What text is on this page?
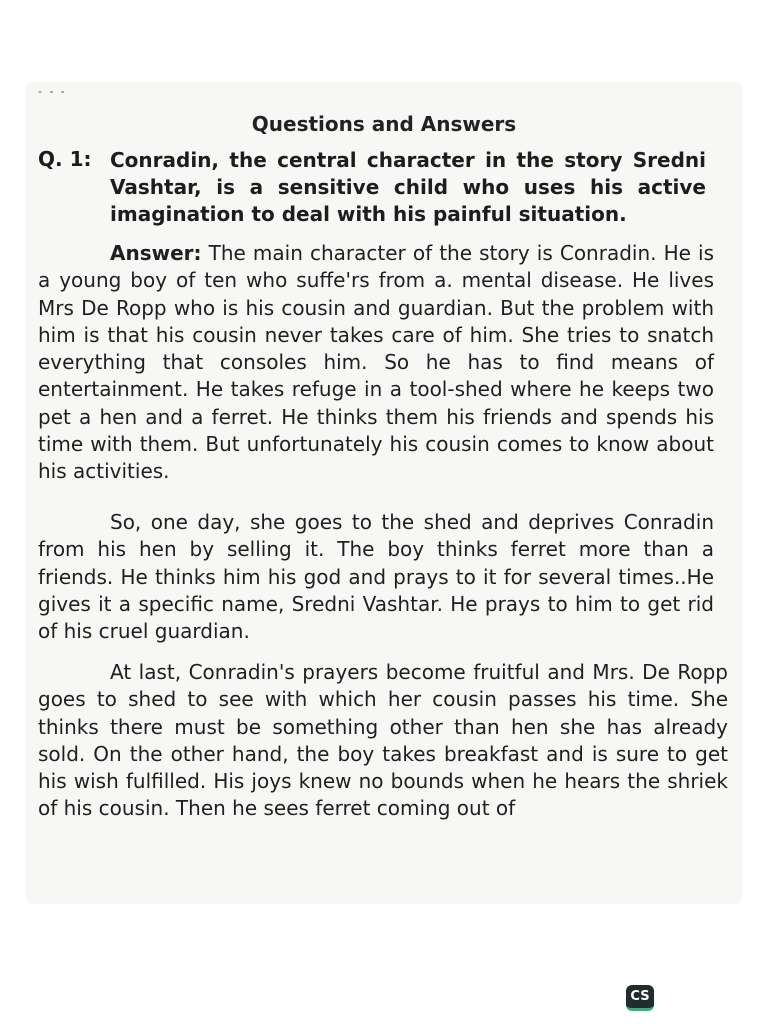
- - -
Questions and Answers
Q. 1: Conradin, the central character in the story Sredni Vashtar, is a sensitive child who uses his active imagination to deal with his painful situation.
Answer: The main character of the story is Conradin. He is a young boy of ten who suffe'rs from a. mental disease. He lives Mrs De Ropp who is his cousin and guardian. But the problem with him is that his cousin never takes care of him. She tries to snatch everything that consoles him. So he has to find means of entertainment. He takes refuge in a tool-shed where he keeps two pet a hen and a ferret. He thinks them his friends and spends his time with them. But unfortunately his cousin comes to know about his activities.
So, one day, she goes to the shed and deprives Conradin from his hen by selling it. The boy thinks ferret more than a friends. He thinks him his god and prays to it for several times..He gives it a specific name, Sredni Vashtar. He prays to him to get rid of his cruel guardian.
At last, Conradin's prayers become fruitful and Mrs. De Ropp goes to shed to see with which her cousin passes his time. She thinks there must be something other than hen she has already sold. On the other hand, the boy takes breakfast and is sure to get his wish fulfilled. His joys knew no bounds when he hears the shriek of his cousin. Then he sees ferret coming out of
CS
